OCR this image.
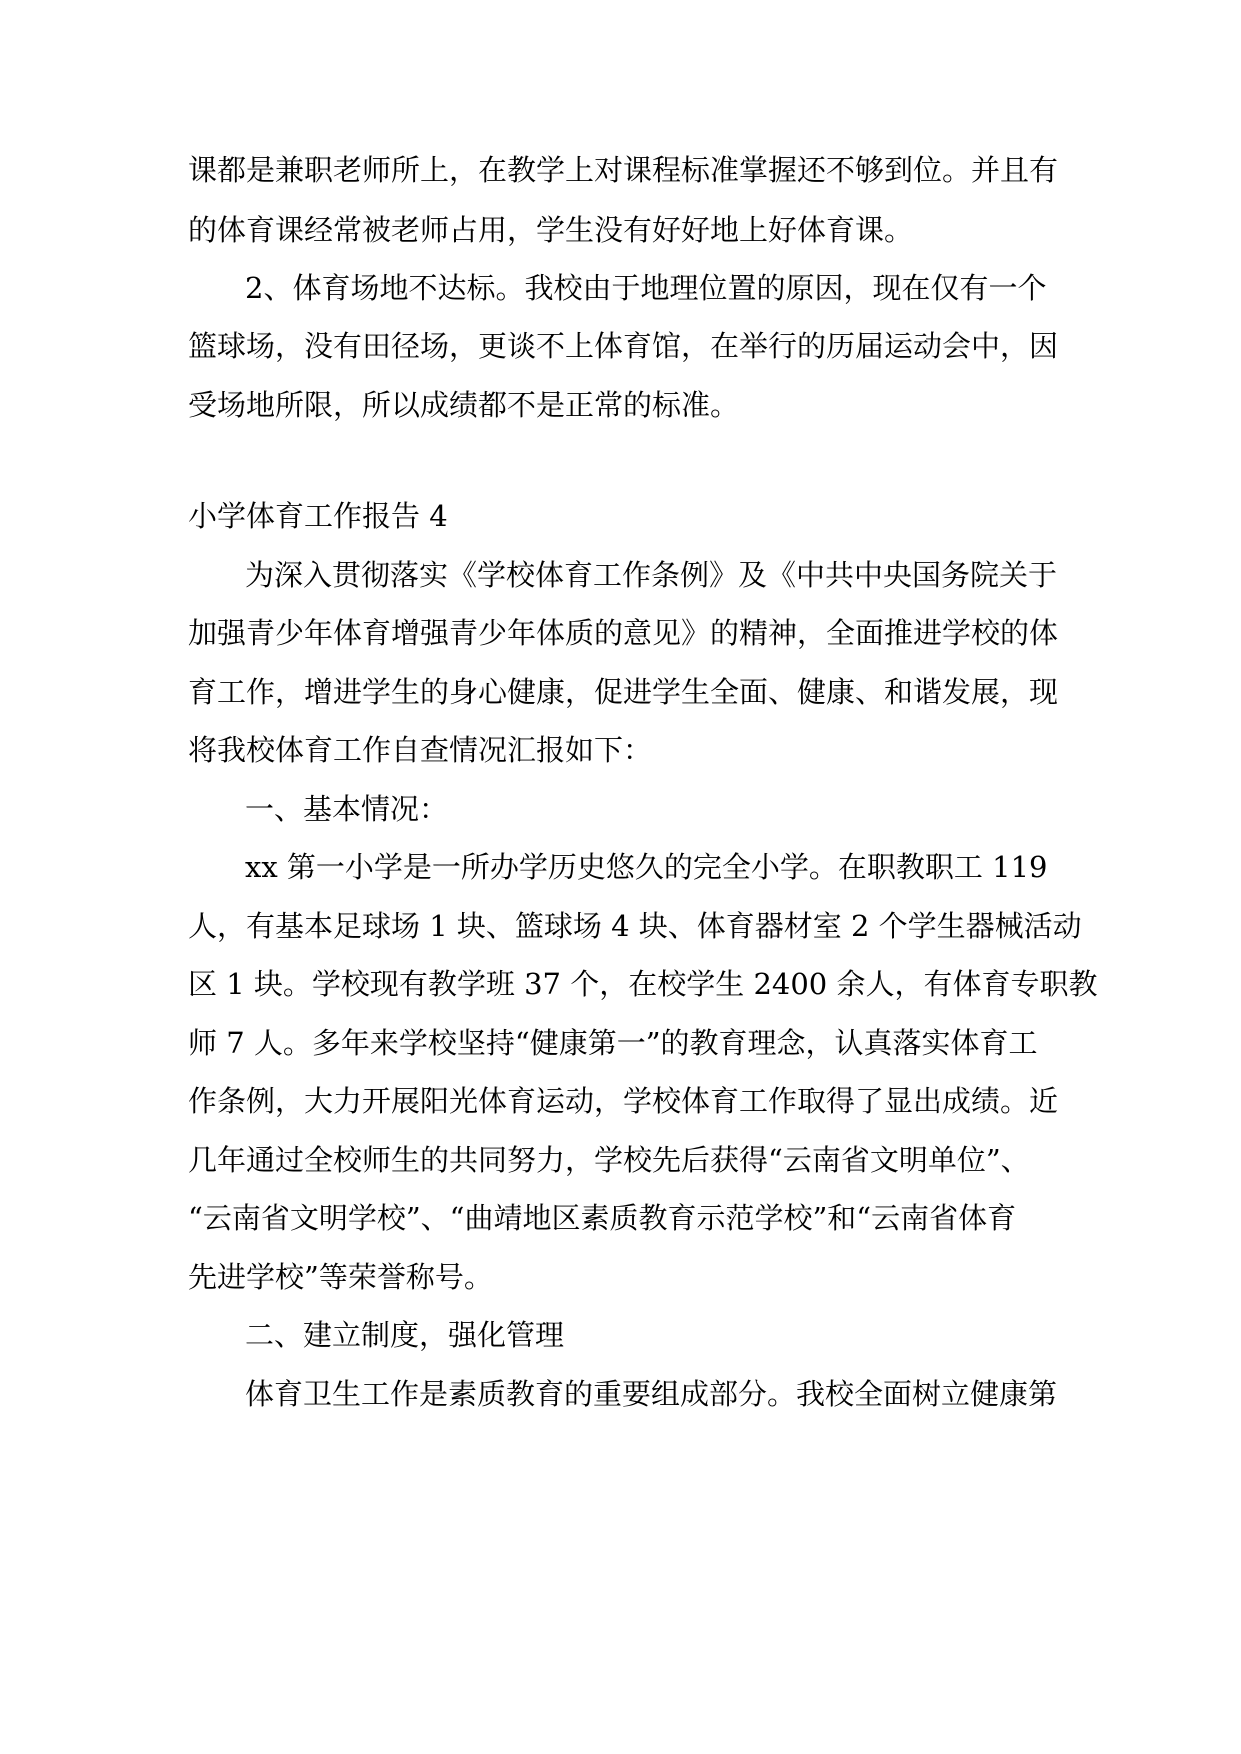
课都是兼职老师所上，在教学上对课程标准掌握还不够到位。并且有
的体育课经常被老师占用，学生没有好好地上好体育课。
2、体育场地不达标。我校由于地理位置的原因，现在仅有一个
篮球场，没有田径场，更谈不上体育馆，在举行的历届运动会中，因
受场地所限，所以成绩都不是正常的标准。
小学体育工作报告 4
为深入贯彻落实《学校体育工作条例》及《中共中央国务院关于
加强青少年体育增强青少年体质的意见》的精神，全面推进学校的体
育工作，增进学生的身心健康，促进学生全面、健康、和谐发展，现
将我校体育工作自查情况汇报如下：
一、基本情况：
xx 第一小学是一所办学历史悠久的完全小学。在职教职工 119
人，有基本足球场 1 块、篮球场 4 块、体育器材室 2 个学生器械活动
区 1 块。学校现有教学班 37 个，在校学生 2400 余人，有体育专职教
师 7 人。多年来学校坚持“健康第一”的教育理念，认真落实体育工
作条例，大力开展阳光体育运动，学校体育工作取得了显出成绩。近
几年通过全校师生的共同努力，学校先后获得“云南省文明单位”、
“云南省文明学校”、“曲靖地区素质教育示范学校”和“云南省体育
先进学校”等荣誉称号。
二、建立制度，强化管理
体育卫生工作是素质教育的重要组成部分。我校全面树立健康第
